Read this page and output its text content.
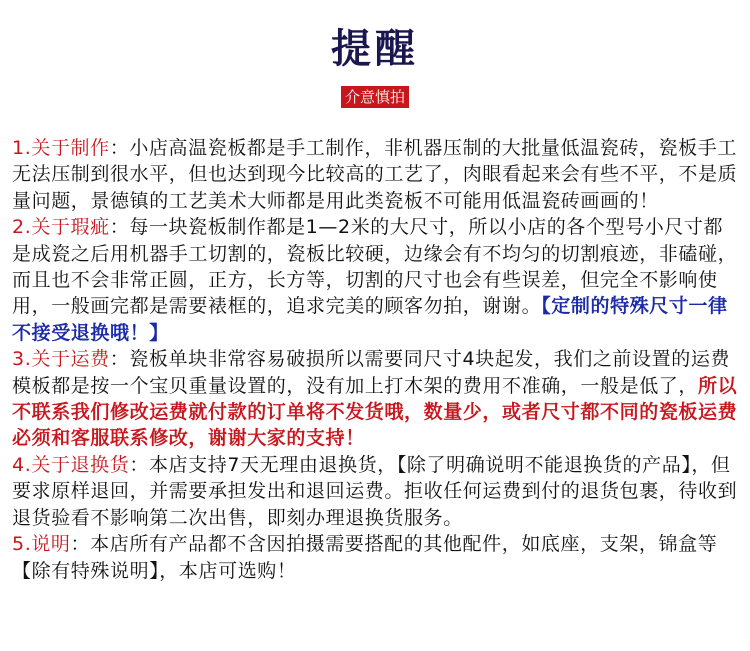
提醒
介意慎拍

1.关于制作：小店高温瓷板都是手工制作，非机器压制的大批量低温瓷砖，瓷板手工无法压制到很水平，但也达到现今比较高的工艺了，肉眼看起来会有些不平，不是质量问题，景德镇的工艺美术大师都是用此类瓷板不可能用低温瓷砖画画的！

2.关于瑕疵：每一块瓷板制作都是1—2米的大尺寸，所以小店的各个型号小尺寸都是成瓷之后用机器手工切割的，瓷板比较硬，边缘会有不均匀的切割痕迹，非磕碰，而且也不会非常正圆，正方，长方等，切割的尺寸也会有些误差，但完全不影响使用，一般画完都是需要裱框的，追求完美的顾客勿拍，谢谢。【定制的特殊尺寸一律不接受退换哦！】

3.关于运费：瓷板单块非常容易破损所以需要同尺寸4块起发，我们之前设置的运费模板都是按一个宝贝重量设置的，没有加上打木架的费用不准确，一般是低了，所以不联系我们修改运费就付款的订单将不发货哦，数量少，或者尺寸都不同的瓷板运费必须和客服联系修改，谢谢大家的支持！

4.关于退换货：本店支持7天无理由退换货，【除了明确说明不能退换货的产品】，但要求原样退回，并需要承担发出和退回运费。拒收任何运费到付的退货包裹，待收到退货验看不影响第二次出售，即刻办理退换货服务。

5.说明：本店所有产品都不含因拍摄需要搭配的其他配件，如底座，支架，锦盒等【除有特殊说明】，本店可选购！
